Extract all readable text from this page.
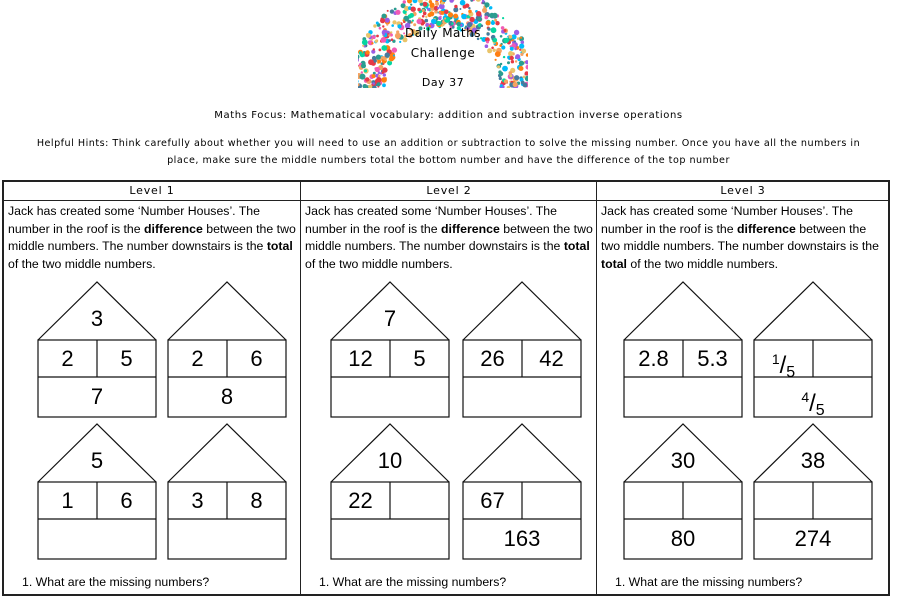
Daily Maths
Challenge
Day 37
Maths Focus: Mathematical vocabulary: addition and subtraction inverse operations
Helpful Hints: Think carefully about whether you will need to use an addition or subtraction to solve the missing number. Once you have all the numbers in place, make sure the middle numbers total the bottom number and have the difference of the top number
Level 1
Jack has created some ‘Number Houses’. The number in the roof is the difference between the two middle numbers. The number downstairs is the total of the two middle numbers.
3
2	5
7
2	6
8
5
1	6	3	8
1. What are the missing numbers?
Level 2
Jack has created some ‘Number Houses’. The number in the roof is the difference between the two middle numbers. The number downstairs is the total of the two middle numbers.
7
12	5	26	42
10
22	67
163
1. What are the missing numbers?
Level 3
Jack has created some ‘Number Houses’. The number in the roof is the difference between the two middle numbers. The number downstairs is the total of the two middle numbers.
2.8	5.3	$^1/_5$
$^4/_5$
30
80
38
274
1. What are the missing numbers?
